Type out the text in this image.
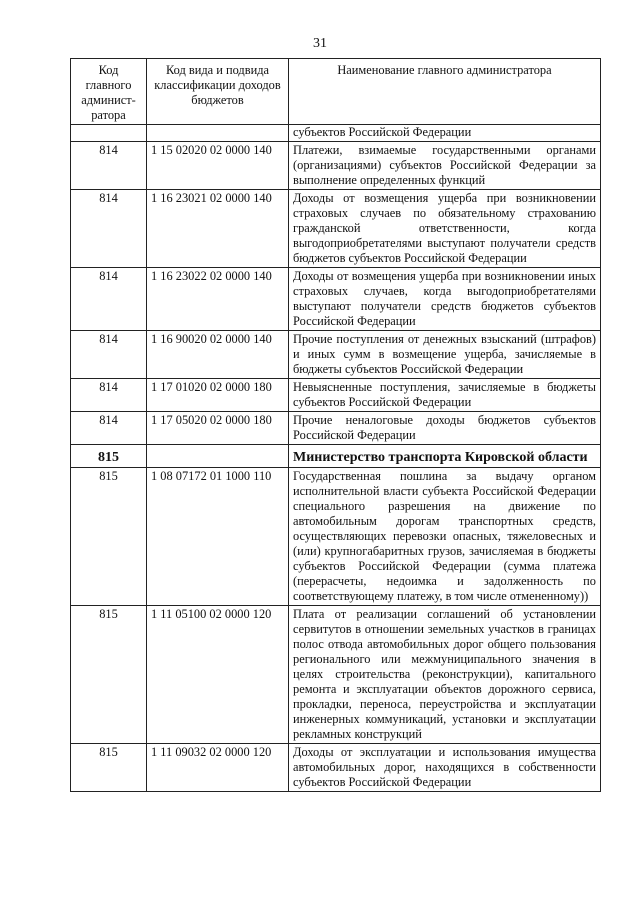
31
Код главного админист-ратора	Код вида и подвида классификации доходов бюджетов	Наименование главного администратора
		субъектов Российской Федерации
814	1 15 02020 02 0000 140	Платежи, взимаемые государственными органами (организациями) субъектов Российской Федерации за выполнение определенных функций
814	1 16 23021 02 0000 140	Доходы от возмещения ущерба при возникновении страховых случаев по обязательному страхованию гражданской ответственности, когда выгодоприобретателями выступают получатели средств бюджетов субъектов Российской Федерации
814	1 16 23022 02 0000 140	Доходы от возмещения ущерба при возникновении иных страховых случаев, когда выгодоприобретателями выступают получатели средств бюджетов субъектов Российской Федерации
814	1 16 90020 02 0000 140	Прочие поступления от денежных взысканий (штрафов) и иных сумм в возмещение ущерба, зачисляемые в бюджеты субъектов Российской Федерации
814	1 17 01020 02 0000 180	Невыясненные поступления, зачисляемые в бюджеты субъектов Российской Федерации
814	1 17 05020 02 0000 180	Прочие неналоговые доходы бюджетов субъектов Российской Федерации
815		Министерство транспорта Кировской области
815	1 08 07172 01 1000 110	Государственная пошлина за выдачу органом исполнительной власти субъекта Российской Федерации специального разрешения на движение по автомобильным дорогам транспортных средств, осуществляющих перевозки опасных, тяжеловесных и (или) крупногабаритных грузов, зачисляемая в бюджеты субъектов Российской Федерации (сумма платежа (перерасчеты, недоимка и задолженность по соответствующему платежу, в том числе отмененному))
815	1 11 05100 02 0000 120	Плата от реализации соглашений об установлении сервитутов в отношении земельных участков в границах полос отвода автомобильных дорог общего пользования регионального или межмуниципального значения в целях строительства (реконструкции), капитального ремонта и эксплуатации объектов дорожного сервиса, прокладки, переноса, переустройства и эксплуатации инженерных коммуникаций, установки и эксплуатации рекламных конструкций
815	1 11 09032 02 0000 120	Доходы от эксплуатации и использования имущества автомобильных дорог, находящихся в собственности субъектов Российской Федерации
